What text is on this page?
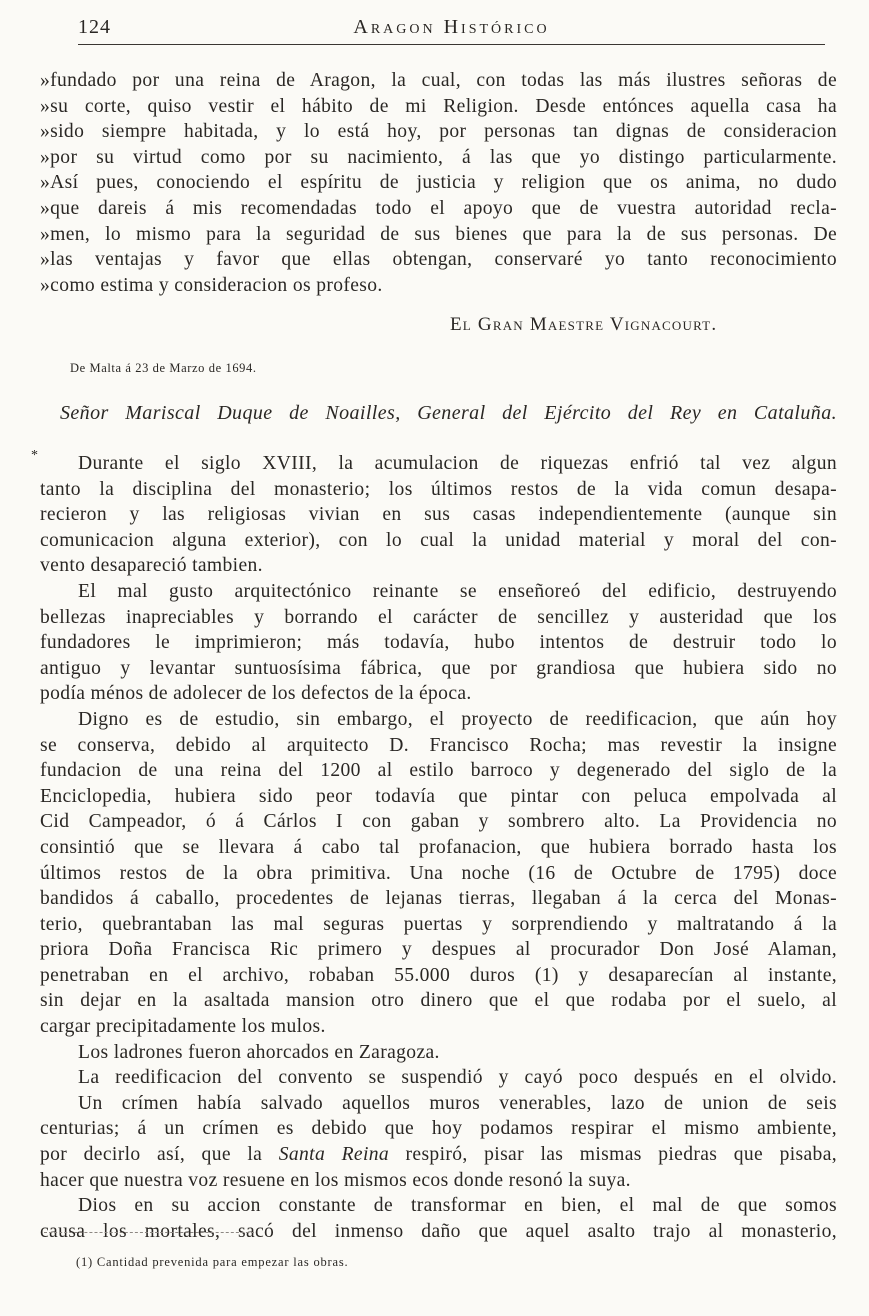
124	Aragon Histórico
»fundado por una reina de Aragon, la cual, con todas las más ilustres señoras de
»su corte, quiso vestir el hábito de mi Religion. Desde entónces aquella casa ha
»sido siempre habitada, y lo está hoy, por personas tan dignas de consideracion
»por su virtud como por su nacimiento, á las que yo distingo particularmente.
»Así pues, conociendo el espíritu de justicia y religion que os anima, no dudo
»que dareis á mis recomendadas todo el apoyo que de vuestra autoridad recla-
»men, lo mismo para la seguridad de sus bienes que para la de sus personas. De
»las ventajas y favor que ellas obtengan, conservaré yo tanto reconocimiento
»como estima y consideracion os profeso.
El Gran Maestre Vignacourt.
De Malta á 23 de Marzo de 1694.
Señor Mariscal Duque de Noailles, General del Ejército del Rey en Cataluña.
*	Durante el siglo XVIII, la acumulacion de riquezas enfrió tal vez algun
tanto la disciplina del monasterio; los últimos restos de la vida comun desapa-
recieron y las religiosas vivian en sus casas independientemente (aunque sin
comunicacion alguna exterior), con lo cual la unidad material y moral del con-
vento desapareció tambien.
El mal gusto arquitectónico reinante se enseñoreó del edificio, destruyendo
bellezas inapreciables y borrando el carácter de sencillez y austeridad que los
fundadores le imprimieron; más todavía, hubo intentos de destruir todo lo
antiguo y levantar suntuosísima fábrica, que por grandiosa que hubiera sido no
podía ménos de adolecer de los defectos de la época.
Digno es de estudio, sin embargo, el proyecto de reedificacion, que aún hoy
se conserva, debido al arquitecto D. Francisco Rocha; mas revestir la insigne
fundacion de una reina del 1200 al estilo barroco y degenerado del siglo de la
Enciclopedia, hubiera sido peor todavía que pintar con peluca empolvada al
Cid Campeador, ó á Cárlos I con gaban y sombrero alto. La Providencia no
consintió que se llevara á cabo tal profanacion, que hubiera borrado hasta los
últimos restos de la obra primitiva. Una noche (16 de Octubre de 1795) doce
bandidos á caballo, procedentes de lejanas tierras, llegaban á la cerca del Monas-
terio, quebrantaban las mal seguras puertas y sorprendiendo y maltratando á la
priora Doña Francisca Ric primero y despues al procurador Don José Alaman,
penetraban en el archivo, robaban 55.000 duros (1) y desaparecían al instante,
sin dejar en la asaltada mansion otro dinero que el que rodaba por el suelo, al
cargar precipitadamente los mulos.
Los ladrones fueron ahorcados en Zaragoza.
La reedificacion del convento se suspendió y cayó poco después en el olvido.
Un crímen había salvado aquellos muros venerables, lazo de union de seis
centurias; á un crímen es debido que hoy podamos respirar el mismo ambiente,
por decirlo así, que la Santa Reina respiró, pisar las mismas piedras que pisaba,
hacer que nuestra voz resuene en los mismos ecos donde resonó la suya.
Dios en su accion constante de transformar en bien, el mal de que somos
causa los mortales, sacó del inmenso daño que aquel asalto trajo al monasterio,
(1) Cantidad prevenida para empezar las obras.
